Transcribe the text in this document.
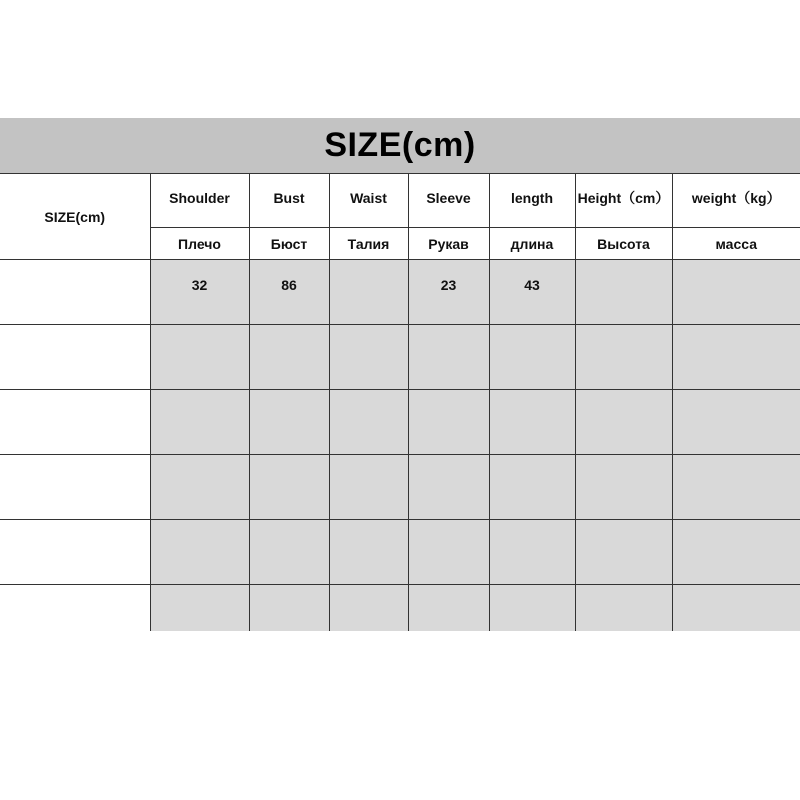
SIZE(cm)
SIZE(cm)	Shoulder	Bust	Waist	Sleeve	length	Height（cm）	weight（kg）

	Плечо	Бюст	Талия	Рукав	длина	Высота	масса

	32	86		23	43		
